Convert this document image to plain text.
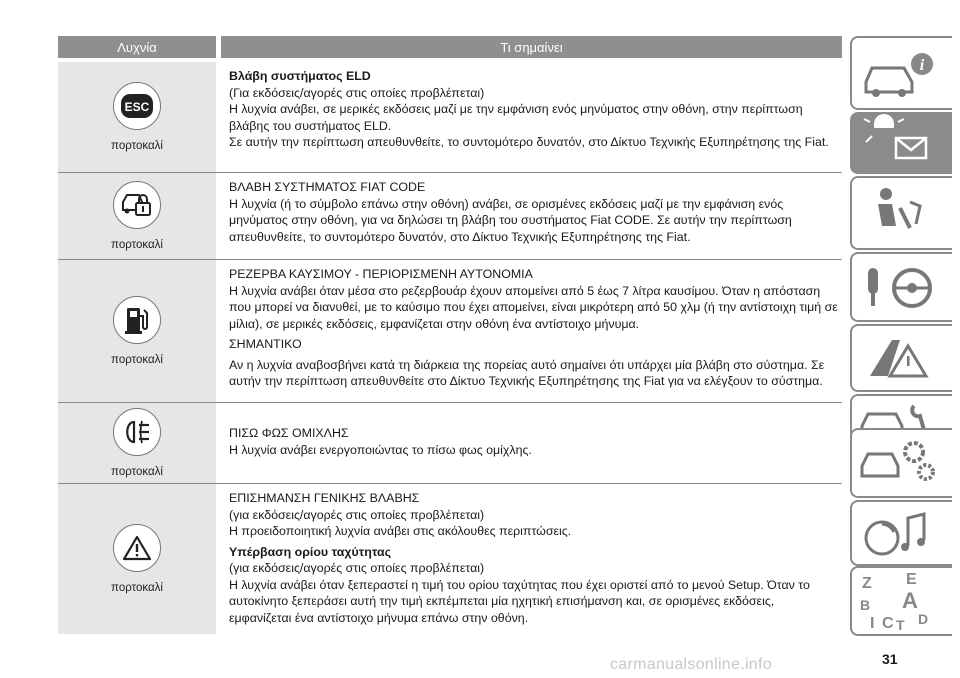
Λυχνία	Τι σημαίνει
ESC
πορτοκαλί

Βλάβη συστήματος ELD

(Για εκδόσεις/αγορές στις οποίες προβλέπεται)

Η λυχνία ανάβει, σε μερικές εκδόσεις μαζί με την εμφάνιση ενός μηνύματος στην οθόνη, στην περίπτωση βλάβης του συστήματος ELD.

Σε αυτήν την περίπτωση απευθυνθείτε, το συντομότερο δυνατόν, στο Δίκτυο Τεχνικής Εξυπηρέτησης της Fiat.

πορτοκαλί

ΒΛΑΒΗ ΣΥΣΤΗΜΑΤΟΣ FIAT CODE

Η λυχνία (ή το σύμβολο επάνω στην οθόνη) ανάβει, σε ορισμένες εκδόσεις μαζί με την εμφάνιση ενός μηνύματος στην οθόνη, για να δηλώσει τη βλάβη του συστήματος Fiat CODE. Σε αυτήν την περίπτωση απευθυνθείτε, το συντομότερο δυνατόν, στο Δίκτυο Τεχνικής Εξυπηρέτησης της Fiat.

πορτοκαλί

ΡΕΖΕΡΒΑ ΚΑΥΣΙΜΟΥ - ΠΕΡΙΟΡΙΣΜΕΝΗ ΑΥΤΟΝΟΜΙΑ

Η λυχνία ανάβει όταν μέσα στο ρεζερβουάρ έχουν απομείνει από 5 έως 7 λίτρα καυσίμου. Όταν η απόσταση που μπορεί να διανυθεί, με το καύσιμο που έχει απομείνει, είναι μικρότερη από 50 χλμ (ή την αντίστοιχη τιμή σε μίλια), σε μερικές εκδόσεις, εμφανίζεται στην οθόνη ένα αντίστοιχο μήνυμα.

ΣΗΜΑΝΤΙΚΟ

Αν η λυχνία αναβοσβήνει κατά τη διάρκεια της πορείας αυτό σημαίνει ότι υπάρχει μία βλάβη στο σύστημα. Σε αυτήν την περίπτωση απευθυνθείτε στο Δίκτυο Τεχνικής Εξυπηρέτησης της Fiat για να ελέγξουν το σύστημα.

πορτοκαλί

ΠΙΣΩ ΦΩΣ ΟΜΙΧΛΗΣ

Η λυχνία ανάβει ενεργοποιώντας το πίσω φως ομίχλης.

πορτοκαλί

ΕΠΙΣΗΜΑΝΣΗ ΓΕΝΙΚΗΣ ΒΛΑΒΗΣ

(για εκδόσεις/αγορές στις οποίες προβλέπεται)

Η προειδοποιητική λυχνία ανάβει στις ακόλουθες περιπτώσεις.

Υπέρβαση ορίου ταχύτητας

(για εκδόσεις/αγορές στις οποίες προβλέπεται)

Η λυχνία ανάβει όταν ξεπεραστεί η τιμή του ορίου ταχύτητας που έχει οριστεί από το μενού Setup. Όταν το αυτοκίνητο ξεπεράσει αυτή την τιμή εκπέμπεται μία ηχητική επισήμανση και, σε ορισμένες εκδόσεις, εμφανίζεται ένα αντίστοιχο μήνυμα επάνω στην οθόνη.

i
Z E
B A
I C T D
31
carmanualsonline.info
